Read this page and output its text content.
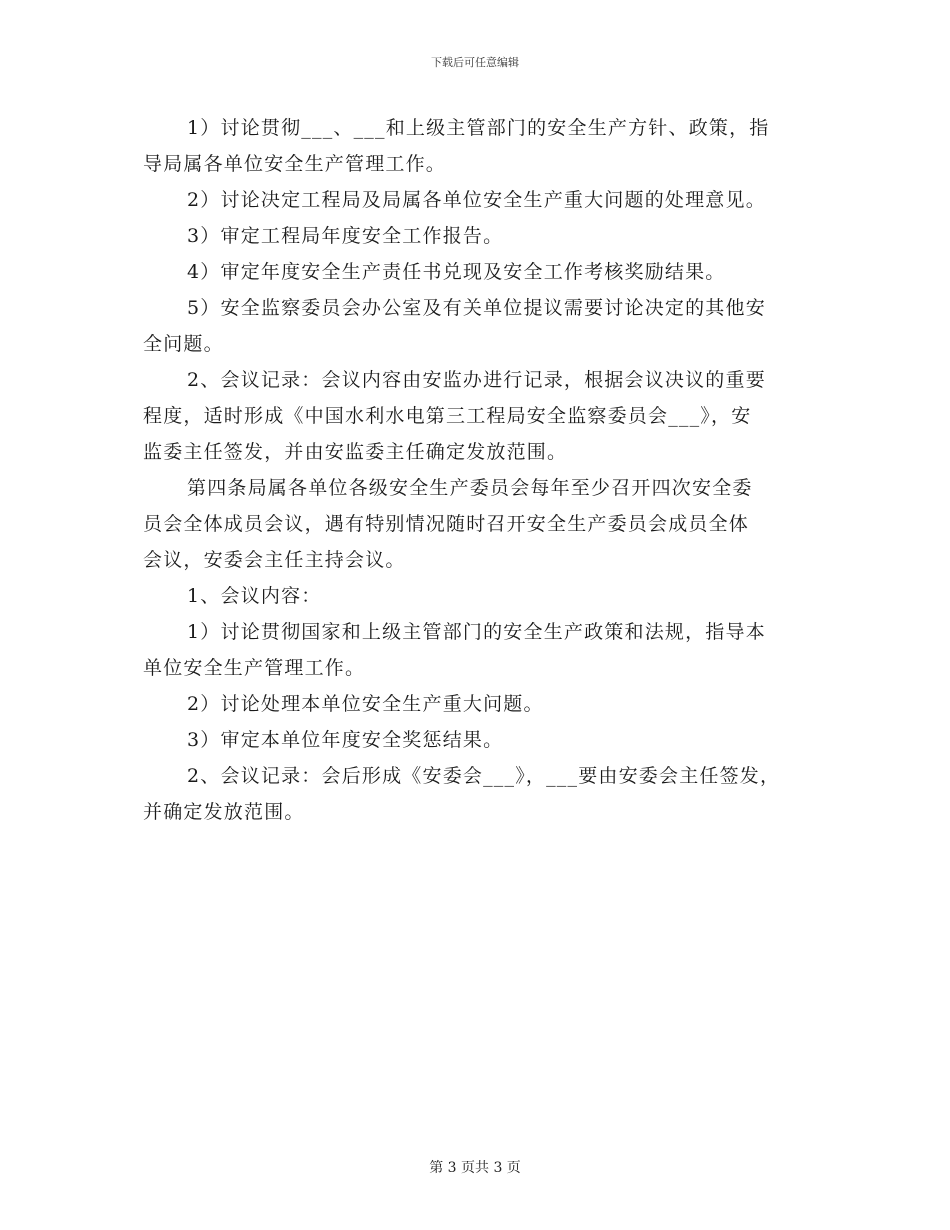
下载后可任意编辑

1）讨论贯彻___、___和上级主管部门的安全生产方针、政策，指
导局属各单位安全生产管理工作。

2）讨论决定工程局及局属各单位安全生产重大问题的处理意见。

3）审定工程局年度安全工作报告。

4）审定年度安全生产责任书兑现及安全工作考核奖励结果。

5）安全监察委员会办公室及有关单位提议需要讨论决定的其他安
全问题。

2、会议记录：会议内容由安监办进行记录，根据会议决议的重要
程度，适时形成《中国水利水电第三工程局安全监察委员会___》，安
监委主任签发，并由安监委主任确定发放范围。

第四条局属各单位各级安全生产委员会每年至少召开四次安全委
员会全体成员会议，遇有特别情况随时召开安全生产委员会成员全体
会议，安委会主任主持会议。

1、会议内容：

1）讨论贯彻国家和上级主管部门的安全生产政策和法规，指导本
单位安全生产管理工作。

2）讨论处理本单位安全生产重大问题。

3）审定本单位年度安全奖惩结果。

2、会议记录：会后形成《安委会___》，___要由安委会主任签发，
并确定发放范围。

第 3 页共 3 页
